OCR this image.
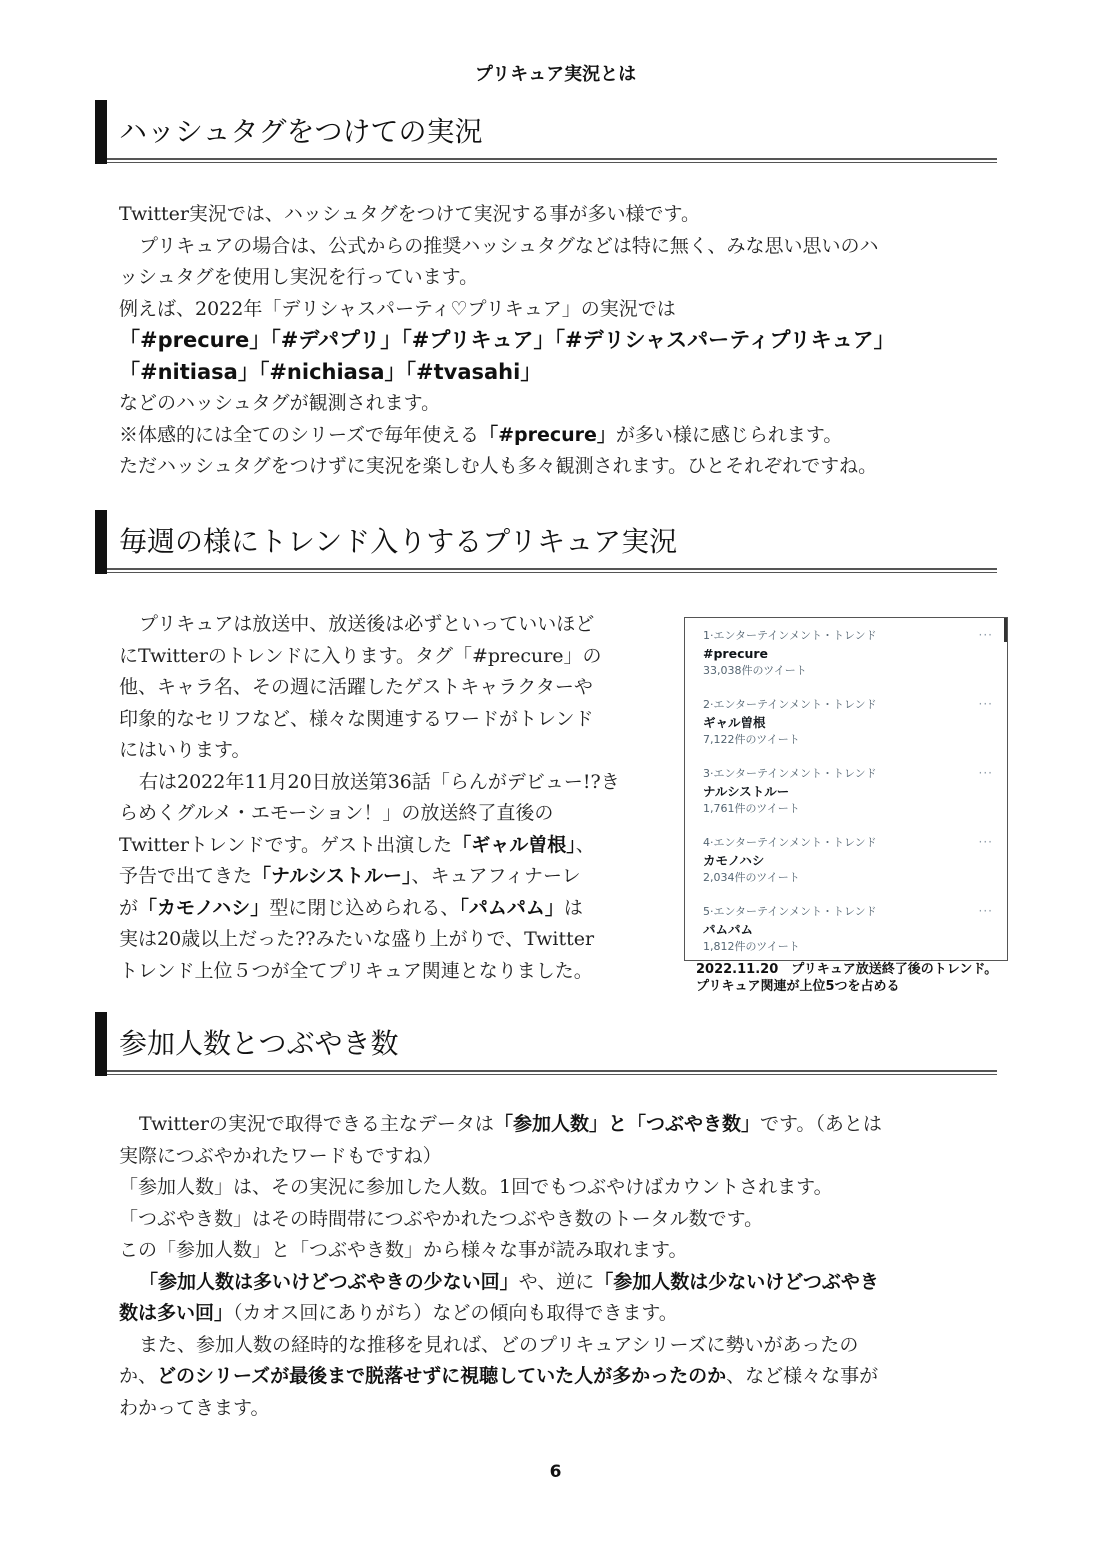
プリキュア実況とは
ハッシュタグをつけての実況
Twitter実況では、ハッシュタグをつけて実況する事が多い様です。
プリキュアの場合は、公式からの推奨ハッシュタグなどは特に無く、みな思い思いのハ
ッシュタグを使用し実況を行っています。
例えば、2022年「デリシャスパーティ♡プリキュア」の実況では
「#precure」「#デパプリ」「#プリキュア」「#デリシャスパーティプリキュア」
「#nitiasa」「#nichiasa」「#tvasahi」
などのハッシュタグが観測されます。
※体感的には全てのシリーズで毎年使える「#precure」が多い様に感じられます。
ただハッシュタグをつけずに実況を楽しむ人も多々観測されます。ひとそれぞれですね。
毎週の様にトレンド入りするプリキュア実況
プリキュアは放送中、放送後は必ずといっていいほど
にTwitterのトレンドに入ります。タグ「#precure」の
他、キャラ名、その週に活躍したゲストキャラクターや
印象的なセリフなど、様々な関連するワードがトレンド
にはいります。
右は2022年11月20日放送第36話「らんがデビュー!?き
らめくグルメ・エモーション！」の放送終了直後の
Twitterトレンドです。ゲスト出演した「ギャル曽根」、
予告で出てきた「ナルシストルー」、キュアフィナーレ
が「カモノハシ」型に閉じ込められる、「パムパム」は
実は20歳以上だった??みたいな盛り上がりで、Twitter
トレンド上位５つが全てプリキュア関連となりました。
1·エンターテインメント・トレンド
#precure
33,038件のツイート
···
2·エンターテインメント・トレンド
ギャル曽根
7,122件のツイート
···
3·エンターテインメント・トレンド
ナルシストルー
1,761件のツイート
···
4·エンターテインメント・トレンド
カモノハシ
2,034件のツイート
···
5·エンターテインメント・トレンド
パムパム
1,812件のツイート
···
2022.11.20　プリキュア放送終了後のトレンド。
プリキュア関連が上位5つを占める
参加人数とつぶやき数
Twitterの実況で取得できる主なデータは「参加人数」と「つぶやき数」です。（あとは
実際につぶやかれたワードもですね）
「参加人数」は、その実況に参加した人数。1回でもつぶやけばカウントされます。
「つぶやき数」はその時間帯につぶやかれたつぶやき数のトータル数です。
この「参加人数」と「つぶやき数」から様々な事が読み取れます。
「参加人数は多いけどつぶやきの少ない回」や、逆に「参加人数は少ないけどつぶやき
数は多い回」（カオス回にありがち）などの傾向も取得できます。
また、参加人数の経時的な推移を見れば、どのプリキュアシリーズに勢いがあったの
か、どのシリーズが最後まで脱落せずに視聴していた人が多かったのか、など様々な事が
わかってきます。
6
